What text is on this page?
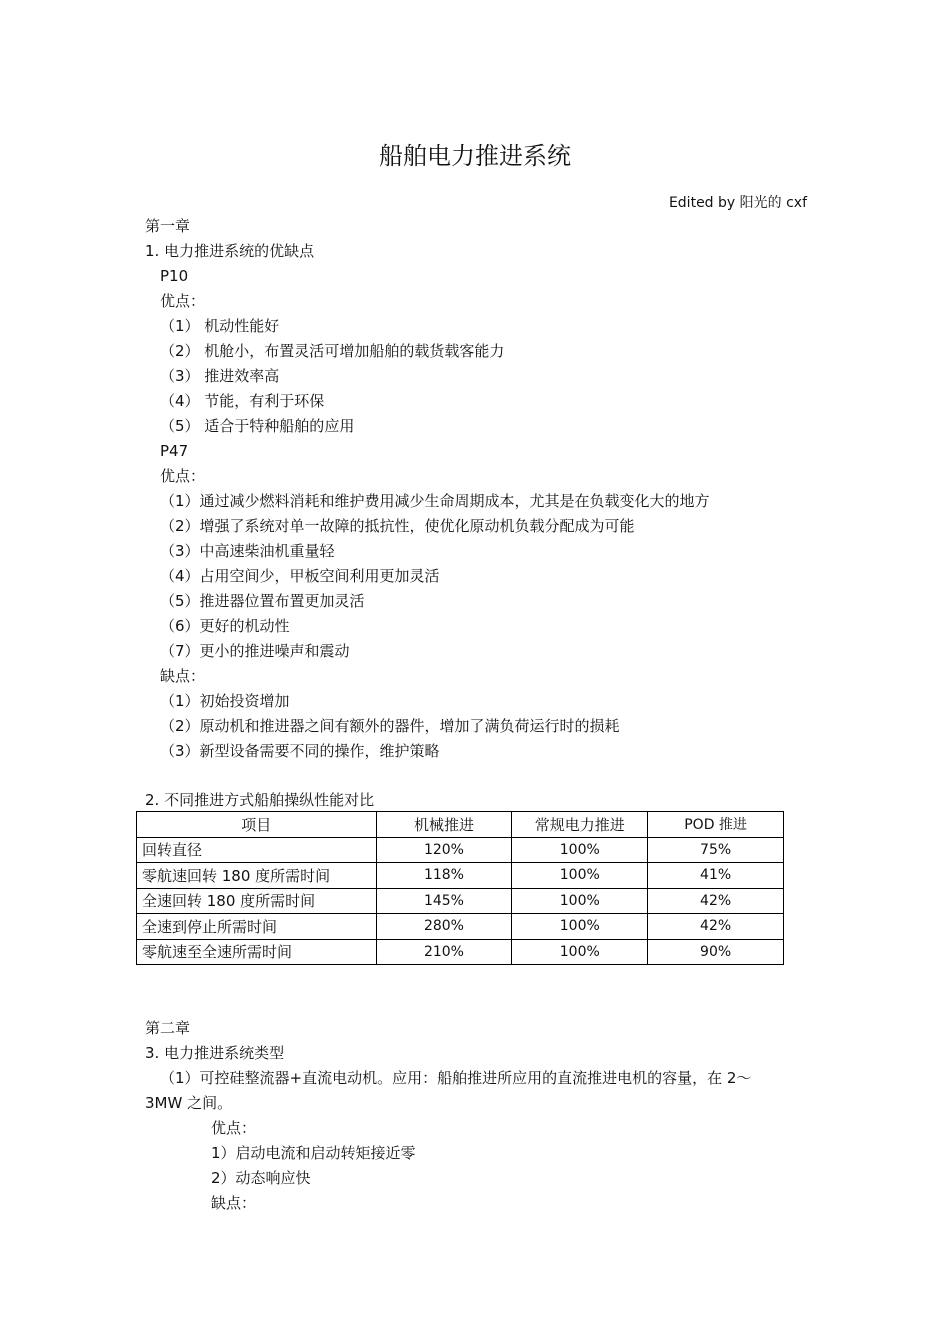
船舶电力推进系统
Edited by 阳光的 cxf
第一章
1. 电力推进系统的优缺点
P10
优点：
（1） 机动性能好
（2） 机舱小，布置灵活可增加船舶的载货载客能力
（3） 推进效率高
（4） 节能，有利于环保
（5） 适合于特种船舶的应用
P47
优点：
（1）通过减少燃料消耗和维护费用减少生命周期成本，尤其是在负载变化大的地方
（2）增强了系统对单一故障的抵抗性，使优化原动机负载分配成为可能
（3）中高速柴油机重量轻
（4）占用空间少，甲板空间利用更加灵活
（5）推进器位置布置更加灵活
（6）更好的机动性
（7）更小的推进噪声和震动
缺点：
（1）初始投资增加
（2）原动机和推进器之间有额外的器件，增加了满负荷运行时的损耗
（3）新型设备需要不同的操作，维护策略
2. 不同推进方式船舶操纵性能对比
项目	机械推进	常规电力推进	POD 推进
回转直径	120%	100%	75%
零航速回转 180 度所需时间	118%	100%	41%
全速回转 180 度所需时间	145%	100%	42%
全速到停止所需时间	280%	100%	42%
零航速至全速所需时间	210%	100%	90%
第二章
3. 电力推进系统类型
（1）可控硅整流器+直流电动机。应用：船舶推进所应用的直流推进电机的容量，在 2～
3MW 之间。
优点：
1）启动电流和启动转矩接近零
2）动态响应快
缺点：
